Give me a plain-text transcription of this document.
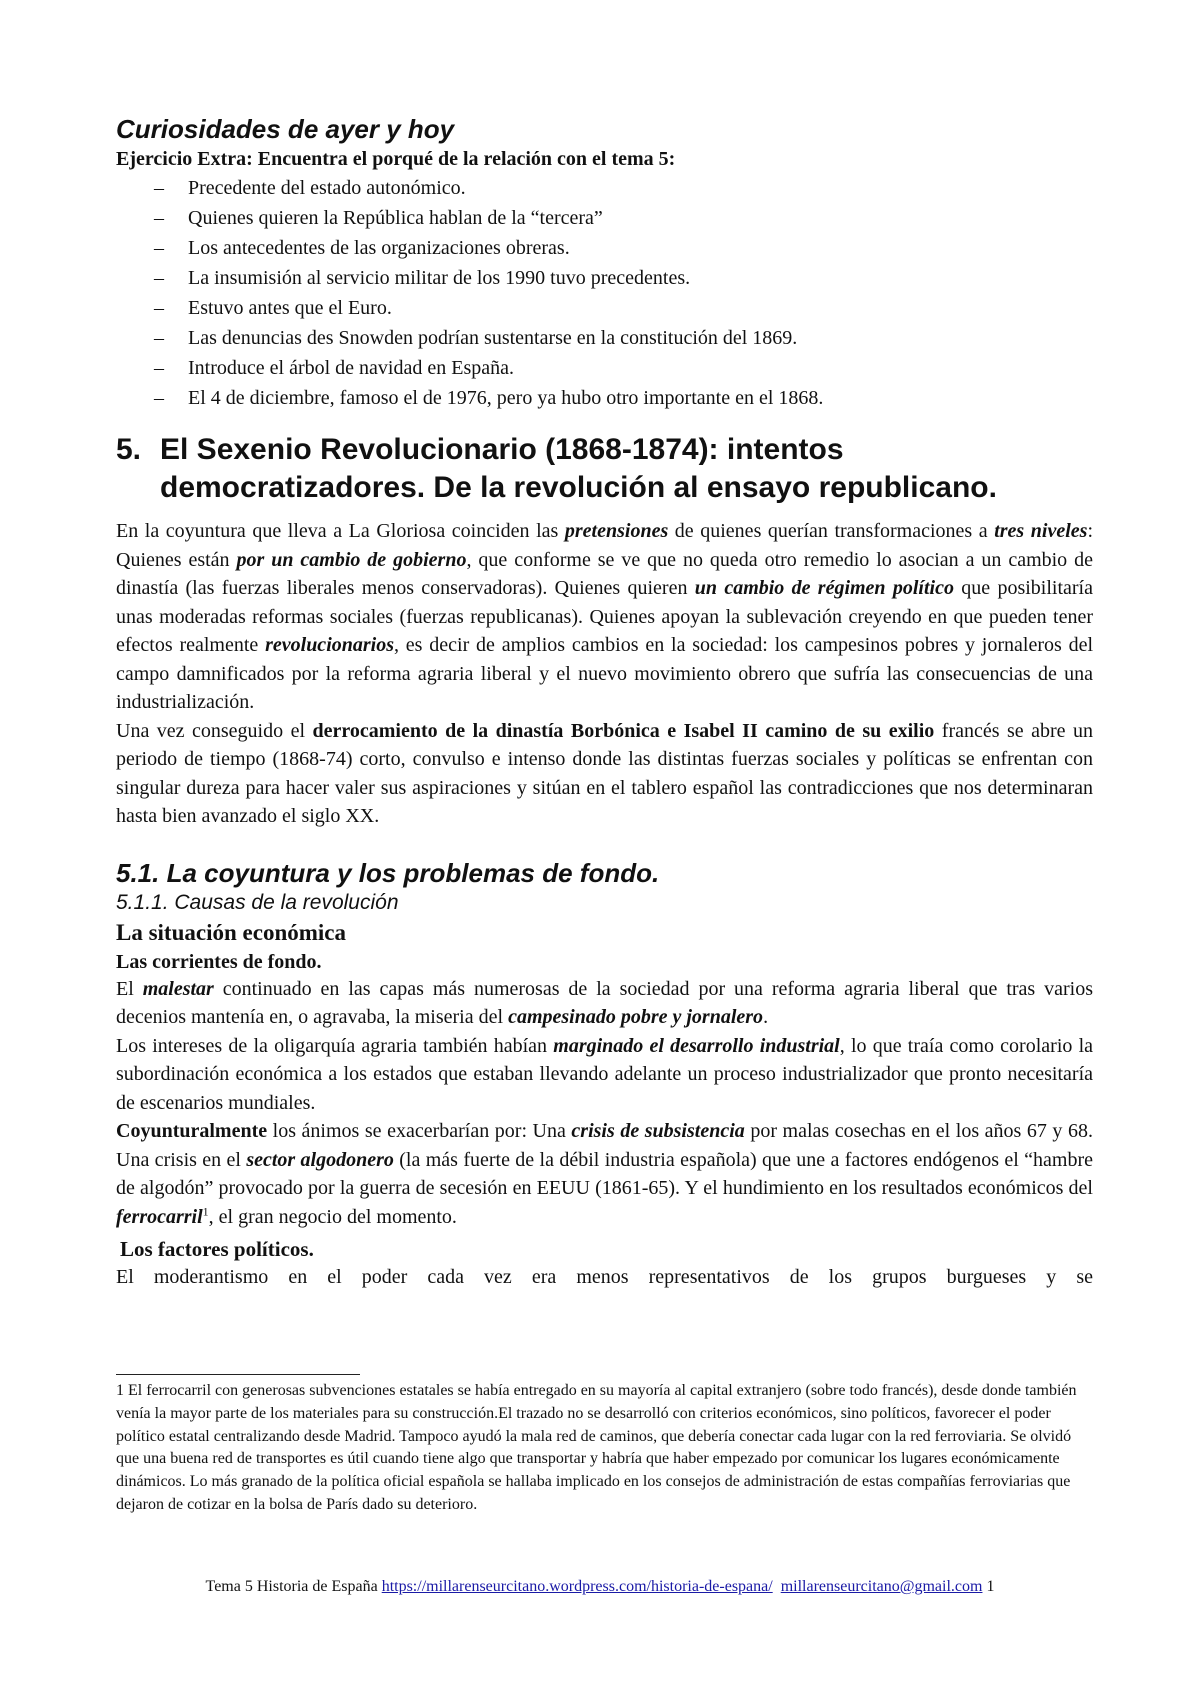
Curiosidades de ayer y hoy

Ejercicio Extra: Encuentra el porqué de la relación con el tema 5:

– Precedente del estado autonómico.
– Quienes quieren la República hablan de la “tercera”
– Los antecedentes de las organizaciones obreras.
– La insumisión al servicio militar de los 1990 tuvo precedentes.
– Estuvo antes que el Euro.
– Las denuncias des Snowden podrían sustentarse en la constitución del 1869.
– Introduce el árbol de navidad en España.
– El 4 de diciembre, famoso el de 1976, pero ya hubo otro importante en el 1868.
5. El Sexenio Revolucionario (1868-1874): intentos democratizadores. De la revolución al ensayo republicano.

En la coyuntura que lleva a La Gloriosa coinciden las pretensiones de quienes querían transformaciones a tres niveles: Quienes están por un cambio de gobierno, que conforme se ve que no queda otro remedio lo asocian a un cambio de dinastía (las fuerzas liberales menos conservadoras). Quienes quieren un cambio de régimen político que posibilitaría unas moderadas reformas sociales (fuerzas republicanas). Quienes apoyan la sublevación creyendo en que pueden tener efectos realmente revolucionarios, es decir de amplios cambios en la sociedad: los campesinos pobres y jornaleros del campo damnificados por la reforma agraria liberal y el nuevo movimiento obrero que sufría las consecuencias de una industrialización.

Una vez conseguido el derrocamiento de la dinastía Borbónica e Isabel II camino de su exilio francés se abre un periodo de tiempo (1868-74) corto, convulso e intenso donde las distintas fuerzas sociales y políticas se enfrentan con singular dureza para hacer valer sus aspiraciones y sitúan en el tablero español las contradicciones que nos determinaran hasta bien avanzado el siglo XX.

5.1. La coyuntura y los problemas de fondo.
5.1.1. Causas de la revolución
La situación económica
Las corrientes de fondo.

El malestar continuado en las capas más numerosas de la sociedad por una reforma agraria liberal que tras varios decenios mantenía en, o agravaba, la miseria del campesinado pobre y jornalero.

Los intereses de la oligarquía agraria también habían marginado el desarrollo industrial, lo que traía como corolario la subordinación económica a los estados que estaban llevando adelante un proceso industrializador que pronto necesitaría de escenarios mundiales.

Coyunturalmente los ánimos se exacerbarían por: Una crisis de subsistencia por malas cosechas en el los años 67 y 68. Una crisis en el sector algodonero (la más fuerte de la débil industria española) que une a factores endógenos el “hambre de algodón” provocado por la guerra de secesión en EEUU (1861-65). Y el hundimiento en los resultados económicos del ferrocarril$^1$, el gran negocio del momento.

Los factores políticos.

El moderantismo en el poder cada vez era menos representativos de los grupos burgueses y se

1 El ferrocarril con generosas subvenciones estatales se había entregado en su mayoría al capital extranjero (sobre todo francés), desde donde también venía la mayor parte de los materiales para su construcción.El trazado no se desarrolló con criterios económicos, sino políticos, favorecer el poder político estatal centralizando desde Madrid. Tampoco ayudó la mala red de caminos, que debería conectar cada lugar con la red ferroviaria. Se olvidó que una buena red de transportes es útil cuando tiene algo que transportar y habría que haber empezado por comunicar los lugares económicamente dinámicos. Lo más granado de la política oficial española se hallaba implicado en los consejos de administración de estas compañías ferroviarias que dejaron de cotizar en la bolsa de París dado su deterioro.

Tema 5 Historia de España https://millarenseurcitano.wordpress.com/historia-de-espana/ millarenseurcitano@gmail.com 1
